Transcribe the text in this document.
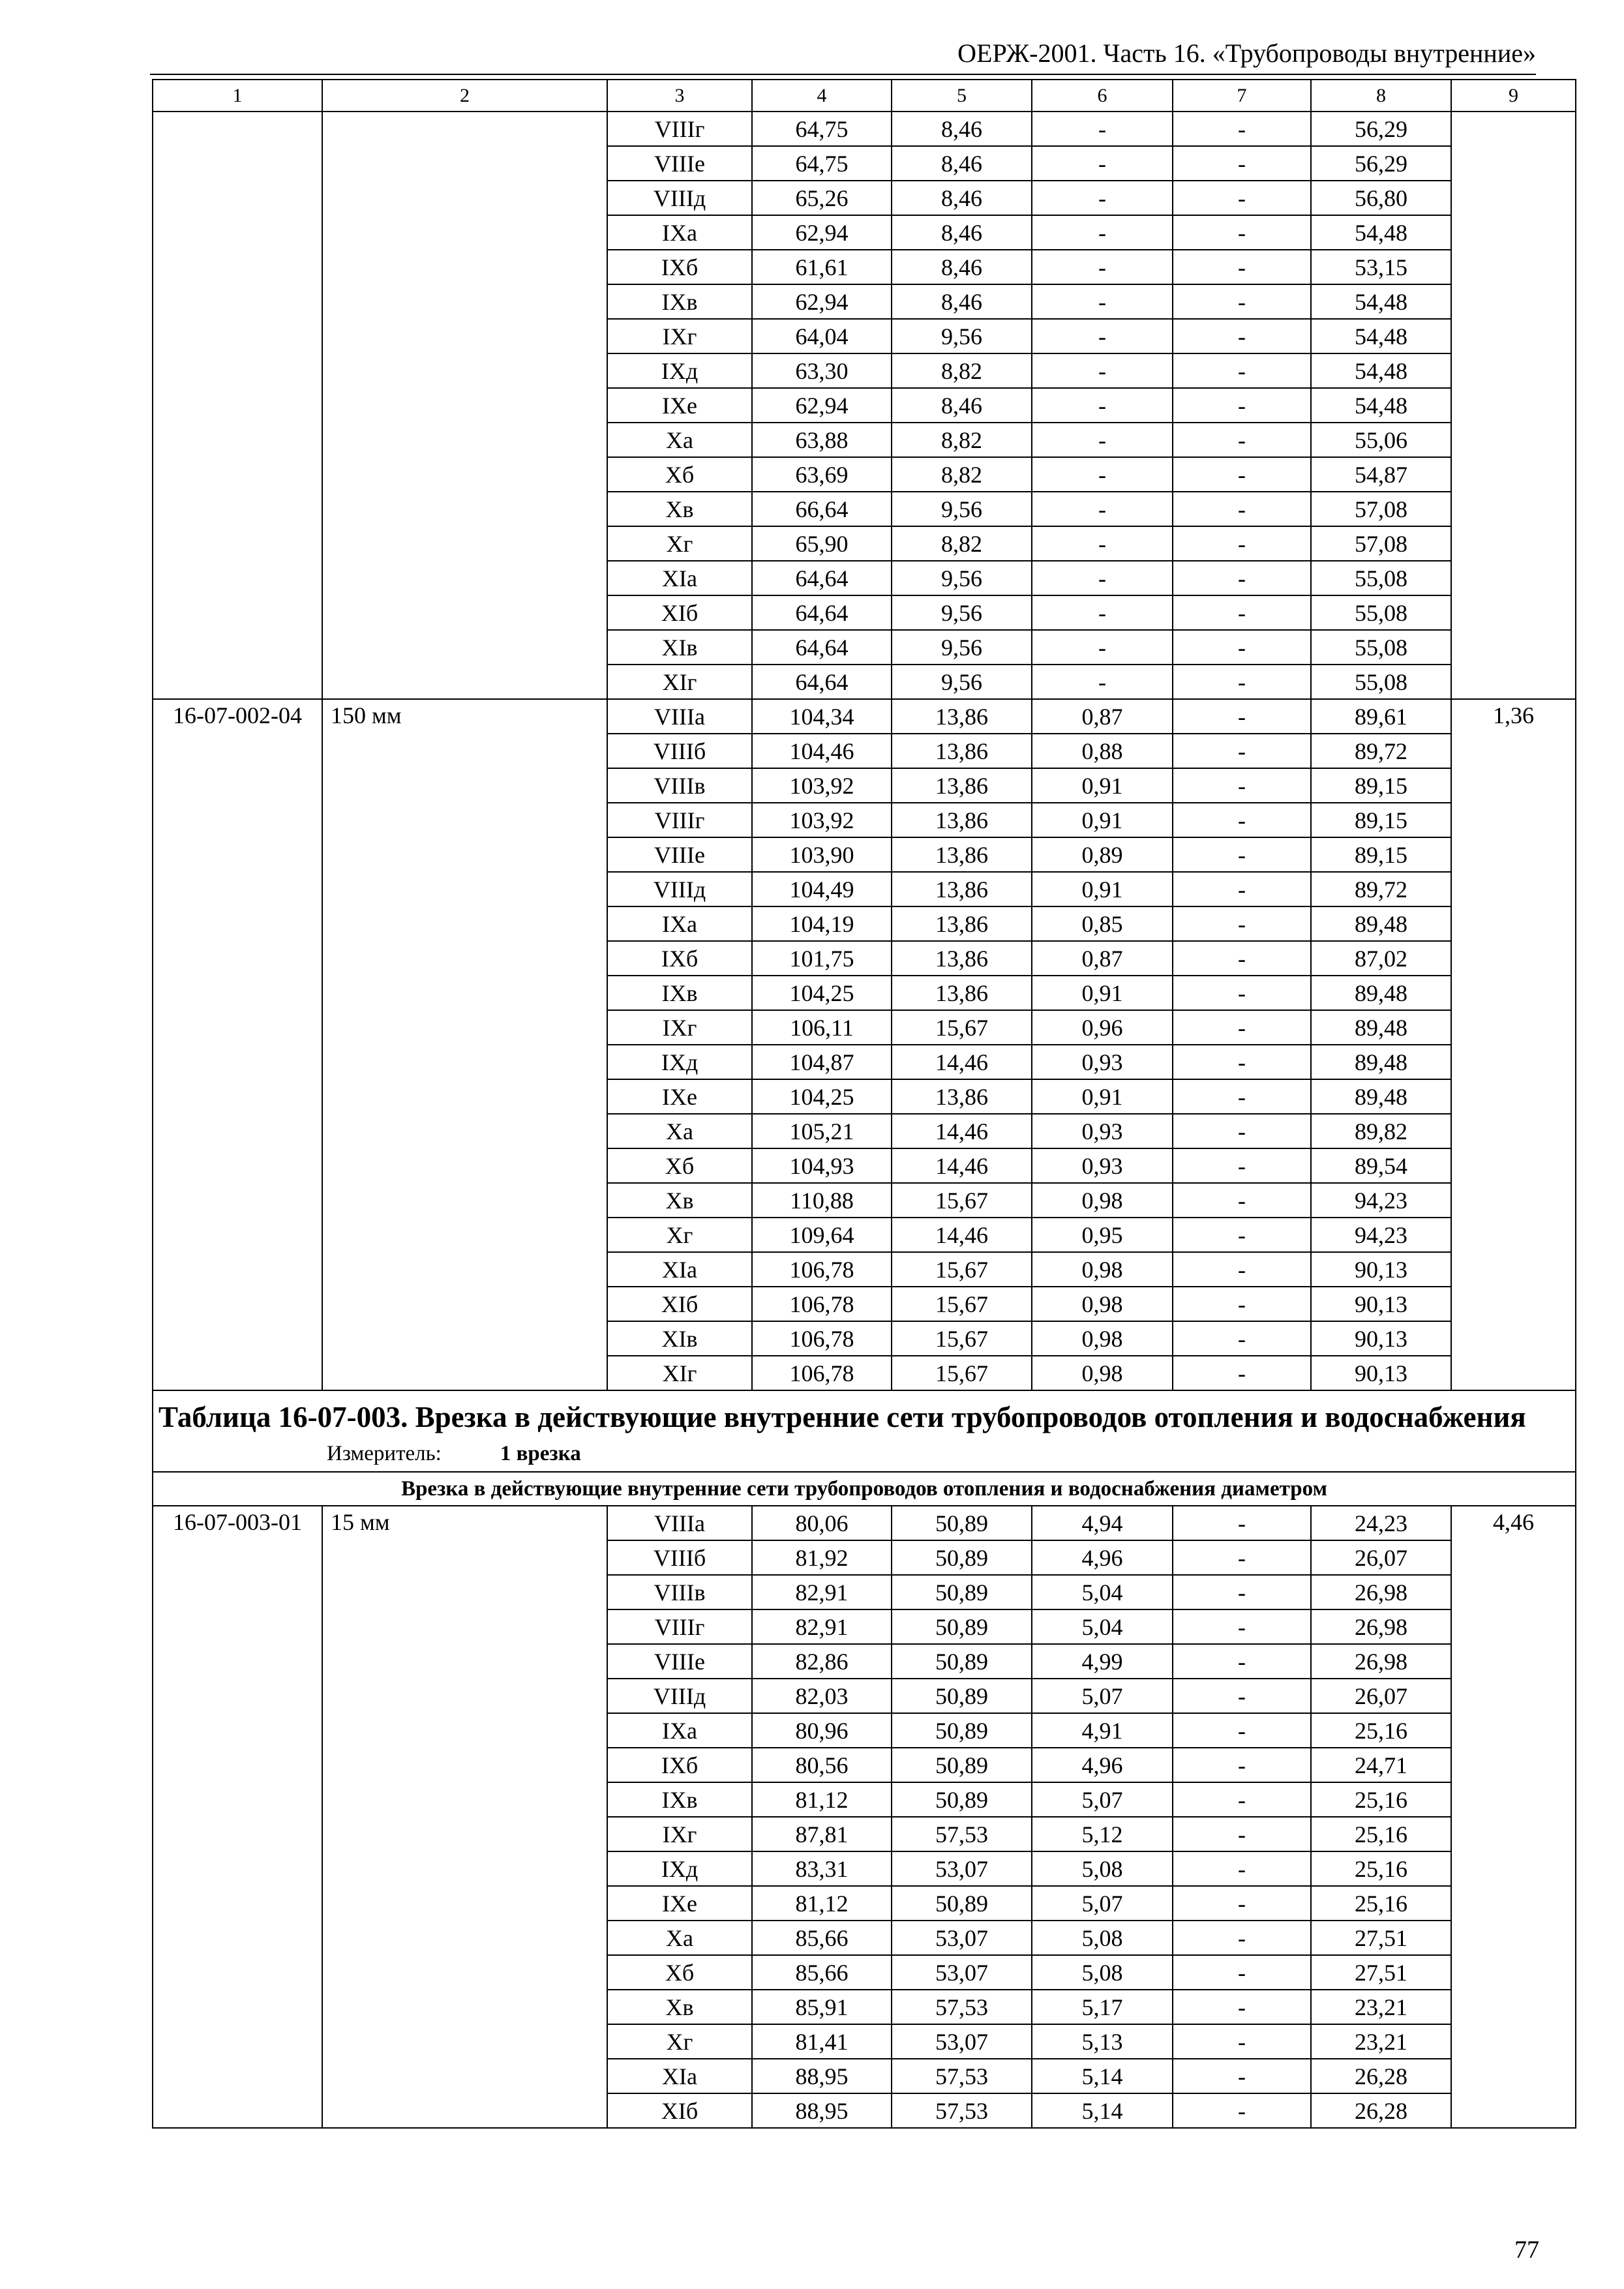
ОЕРЖ-2001. Часть 16. «Трубопроводы внутренние»
1	2	3	4	5	6	7	8	9
		VIIIг	64,75	8,46	-	-	56,29	
		VIIIe	64,75	8,46	-	-	56,29	
		VIIIд	65,26	8,46	-	-	56,80	
		IXа	62,94	8,46	-	-	54,48	
		IXб	61,61	8,46	-	-	53,15	
		IXв	62,94	8,46	-	-	54,48	
		IXг	64,04	9,56	-	-	54,48	
		IXд	63,30	8,82	-	-	54,48	
		IXe	62,94	8,46	-	-	54,48	
		Xа	63,88	8,82	-	-	55,06	
		Xб	63,69	8,82	-	-	54,87	
		Xв	66,64	9,56	-	-	57,08	
		Xг	65,90	8,82	-	-	57,08	
		XIа	64,64	9,56	-	-	55,08	
		XIб	64,64	9,56	-	-	55,08	
		XIв	64,64	9,56	-	-	55,08	
		XIг	64,64	9,56	-	-	55,08	
16-07-002-04	150 мм	VIIIа	104,34	13,86	0,87	-	89,61	1,36
		VIIIб	104,46	13,86	0,88	-	89,72	
		VIIIв	103,92	13,86	0,91	-	89,15	
		VIIIг	103,92	13,86	0,91	-	89,15	
		VIIIe	103,90	13,86	0,89	-	89,15	
		VIIIд	104,49	13,86	0,91	-	89,72	
		IXа	104,19	13,86	0,85	-	89,48	
		IXб	101,75	13,86	0,87	-	87,02	
		IXв	104,25	13,86	0,91	-	89,48	
		IXг	106,11	15,67	0,96	-	89,48	
		IXд	104,87	14,46	0,93	-	89,48	
		IXe	104,25	13,86	0,91	-	89,48	
		Xа	105,21	14,46	0,93	-	89,82	
		Xб	104,93	14,46	0,93	-	89,54	
		Xв	110,88	15,67	0,98	-	94,23	
		Xг	109,64	14,46	0,95	-	94,23	
		XIа	106,78	15,67	0,98	-	90,13	
		XIб	106,78	15,67	0,98	-	90,13	
		XIв	106,78	15,67	0,98	-	90,13	
		XIг	106,78	15,67	0,98	-	90,13	

Таблица 16-07-003. Врезка в действующие внутренние сети трубопроводов отопления и водоснабжения
Измеритель: 1 врезка								

Врезка в действующие внутренние сети трубопроводов отопления и водоснабжения диаметром								
16-07-003-01	15 мм	VIIIа	80,06	50,89	4,94	-	24,23	4,46
		VIIIб	81,92	50,89	4,96	-	26,07	
		VIIIв	82,91	50,89	5,04	-	26,98	
		VIIIг	82,91	50,89	5,04	-	26,98	
		VIIIe	82,86	50,89	4,99	-	26,98	
		VIIIд	82,03	50,89	5,07	-	26,07	
		IXа	80,96	50,89	4,91	-	25,16	
		IXб	80,56	50,89	4,96	-	24,71	
		IXв	81,12	50,89	5,07	-	25,16	
		IXг	87,81	57,53	5,12	-	25,16	
		IXд	83,31	53,07	5,08	-	25,16	
		IXe	81,12	50,89	5,07	-	25,16	
		Xа	85,66	53,07	5,08	-	27,51	
		Xб	85,66	53,07	5,08	-	27,51	
		Xв	85,91	57,53	5,17	-	23,21	
		Xг	81,41	53,07	5,13	-	23,21	
		XIа	88,95	57,53	5,14	-	26,28	
		XIб	88,95	57,53	5,14	-	26,28	
77
